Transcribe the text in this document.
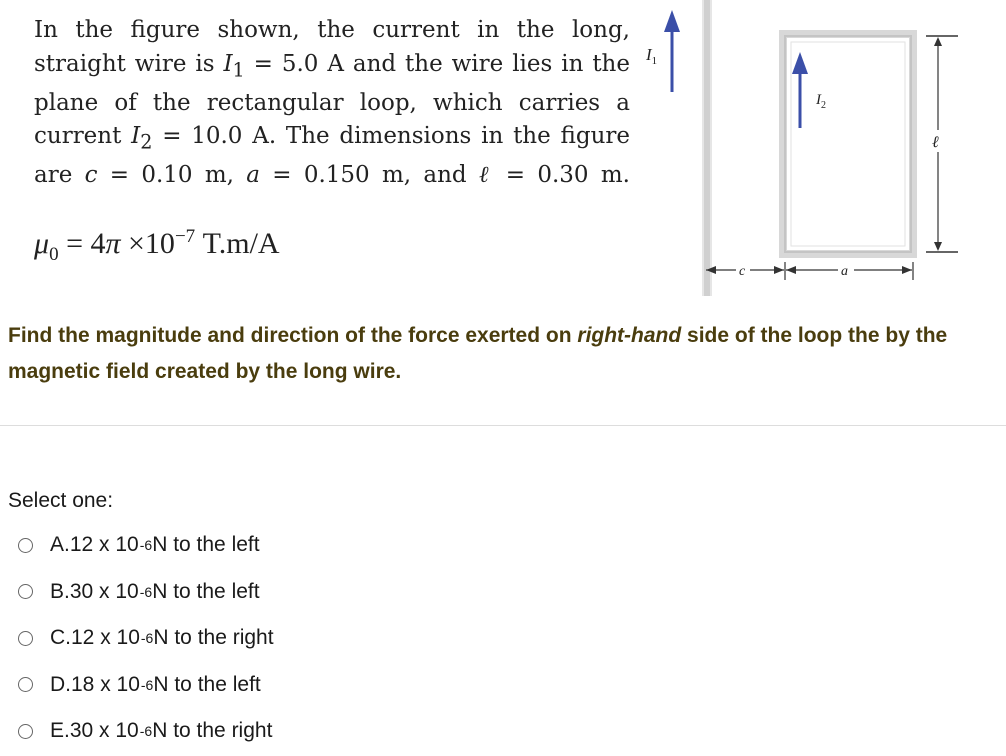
In the figure shown, the current in the long,
straight wire is $I_1 = 5.0$ A and the wire lies in the
plane of the rectangular loop, which carries a
current $I_2 = 10.0$ A. The dimensions in the figure
are c = 0.10 m, a = 0.150 m, and ℓ = 0.30 m.
$\mu_0 = 4\pi \times 10^{-7}$ T.m/A
$I_1$
$I_2$
ℓ
c	a
Find the magnitude and direction of the force exerted on right-hand side of the loop the by the magnetic field created by the long wire.
Select one:
A. 12 x 10 -6 N to the left
B. 30 x 10 -6 N to the left
C. 12 x 10 -6 N to the right
D. 18 x 10 -6 N to the left
E. 30 x 10 -6 N to the right
